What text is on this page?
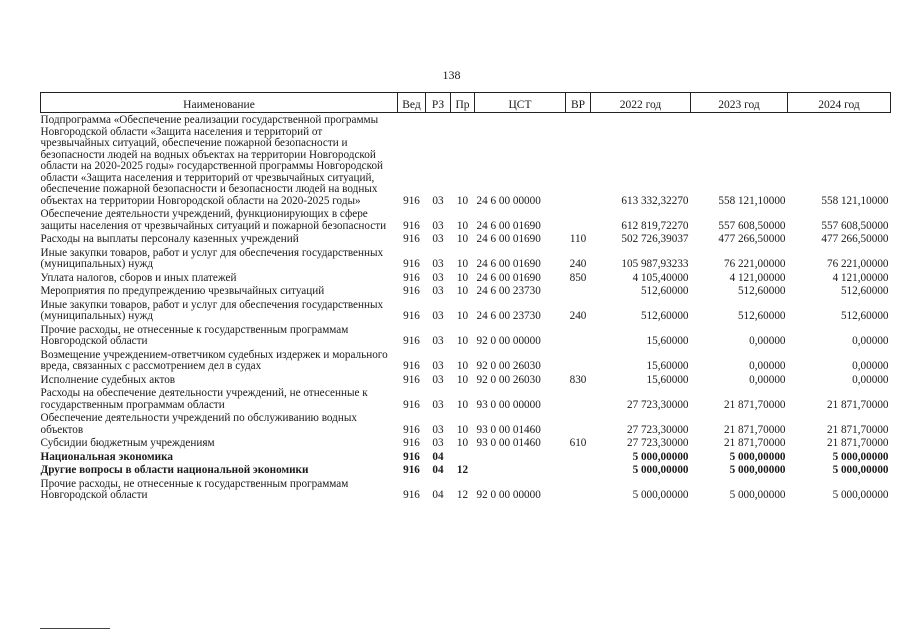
138
Наименование	Вед	РЗ	Пр	ЦСТ	ВР	2022 год	2023 год	2024 год
Подпрограмма «Обеспечение реализации государственной программы Новгородской области «Защита населения и территорий от чрезвычайных ситуаций, обеспечение пожарной безопасности и безопасности людей на водных объектах на территории Новгородской области на 2020-2025 годы» государственной программы Новгородской области «Защита населения и территорий от чрезвычайных ситуаций, обеспечение пожарной безопасности и безопасности людей на водных объектах на территории Новгородской области на 2020-2025 годы»	916	03	10	24 6 00 00000		613 332,32270	558 121,10000	558 121,10000
Обеспечение деятельности учреждений, функционирующих в сфере защиты населения от чрезвычайных ситуаций и пожарной безопасности	916	03	10	24 6 00 01690		612 819,72270	557 608,50000	557 608,50000
Расходы на выплаты персоналу казенных учреждений	916	03	10	24 6 00 01690	110	502 726,39037	477 266,50000	477 266,50000
Иные закупки товаров, работ и услуг для обеспечения государственных (муниципальных) нужд	916	03	10	24 6 00 01690	240	105 987,93233	76 221,00000	76 221,00000
Уплата налогов, сборов и иных платежей	916	03	10	24 6 00 01690	850	4 105,40000	4 121,00000	4 121,00000
Мероприятия по предупреждению чрезвычайных ситуаций	916	03	10	24 6 00 23730		512,60000	512,60000	512,60000
Иные закупки товаров, работ и услуг для обеспечения государственных (муниципальных) нужд	916	03	10	24 6 00 23730	240	512,60000	512,60000	512,60000
Прочие расходы, не отнесенные к государственным программам Новгородской области	916	03	10	92 0 00 00000		15,60000	0,00000	0,00000
Возмещение учреждением-ответчиком судебных издержек и морального вреда, связанных с рассмотрением дел в судах	916	03	10	92 0 00 26030		15,60000	0,00000	0,00000
Исполнение судебных актов	916	03	10	92 0 00 26030	830	15,60000	0,00000	0,00000
Расходы на обеспечение деятельности учреждений, не отнесенные к государственным программам области	916	03	10	93 0 00 00000		27 723,30000	21 871,70000	21 871,70000
Обеспечение деятельности учреждений по обслуживанию водных объектов	916	03	10	93 0 00 01460		27 723,30000	21 871,70000	21 871,70000
Субсидии бюджетным учреждениям	916	03	10	93 0 00 01460	610	27 723,30000	21 871,70000	21 871,70000
Национальная экономика	916	04				5 000,00000	5 000,00000	5 000,00000
Другие вопросы в области национальной экономики	916	04	12			5 000,00000	5 000,00000	5 000,00000
Прочие расходы, не отнесенные к государственным программам Новгородской области	916	04	12	92 0 00 00000		5 000,00000	5 000,00000	5 000,00000
